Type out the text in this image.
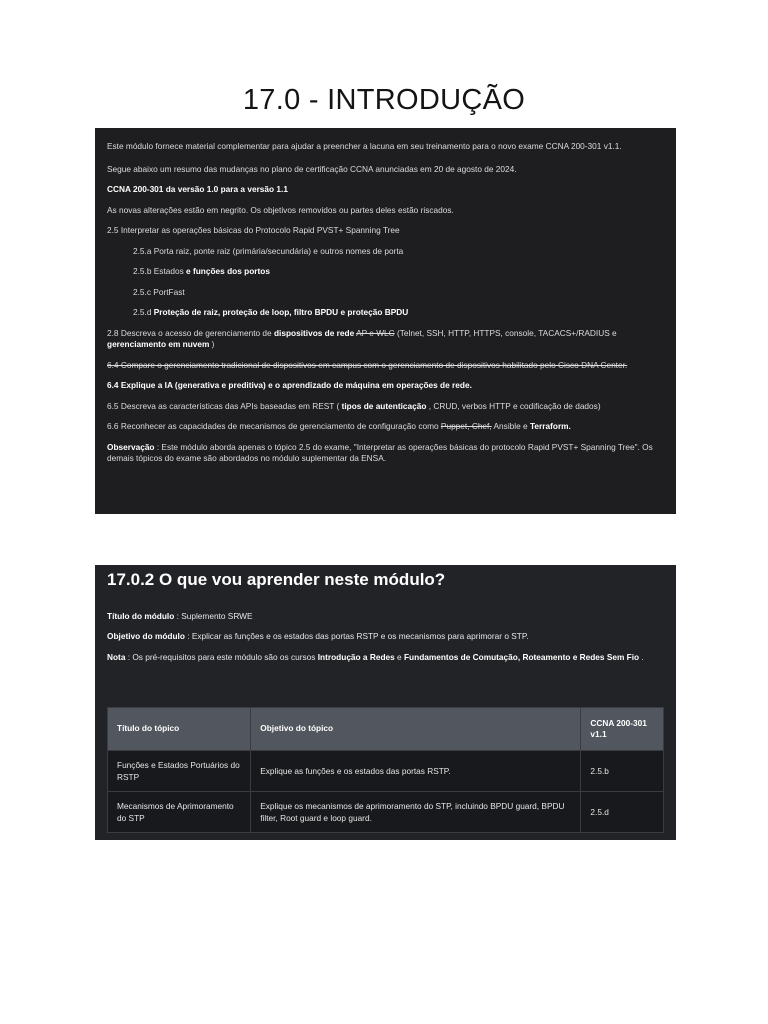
17.0 - INTRODUÇÃO

Este módulo fornece material complementar para ajudar a preencher a lacuna em seu treinamento para o novo exame CCNA 200-301 v1.1.

Segue abaixo um resumo das mudanças no plano de certificação CCNA anunciadas em 20 de agosto de 2024.

CCNA 200-301 da versão 1.0 para a versão 1.1

As novas alterações estão em negrito. Os objetivos removidos ou partes deles estão riscados.

2.5 Interpretar as operações básicas do Protocolo Rapid PVST+ Spanning Tree

2.5.a Porta raiz, ponte raiz (primária/secundária) e outros nomes de porta

2.5.b Estados e funções dos portos

2.5.c PortFast

2.5.d Proteção de raiz, proteção de loop, filtro BPDU e proteção BPDU

2.8 Descreva o acesso de gerenciamento de dispositivos de rede AP e WLC (Telnet, SSH, HTTP, HTTPS, console, TACACS+/RADIUS e gerenciamento em nuvem )

6.4 Compare o gerenciamento tradicional de dispositivos em campus com o gerenciamento de dispositivos habilitado pelo Cisco DNA Center.

6.4 Explique a IA (generativa e preditiva) e o aprendizado de máquina em operações de rede.

6.5 Descreva as características das APIs baseadas em REST ( tipos de autenticação , CRUD, verbos HTTP e codificação de dados)

6.6 Reconhecer as capacidades de mecanismos de gerenciamento de configuração como Puppet, Chef, Ansible e Terraform.

Observação : Este módulo aborda apenas o tópico 2.5 do exame, "Interpretar as operações básicas do protocolo Rapid PVST+ Spanning Tree". Os demais tópicos do exame são abordados no módulo suplementar da ENSA.

17.0.2 O que vou aprender neste módulo?

Título do módulo : Suplemento SRWE

Objetivo do módulo : Explicar as funções e os estados das portas RSTP e os mecanismos para aprimorar o STP.

Nota : Os pré-requisitos para este módulo são os cursos Introdução a Redes e Fundamentos de Comutação, Roteamento e Redes Sem Fio .

Título do tópico	Objetivo do tópico	CCNA 200-301 v1.1
Funções e Estados Portuários do RSTP	Explique as funções e os estados das portas RSTP.	2.5.b
Mecanismos de Aprimoramento do STP	Explique os mecanismos de aprimoramento do STP, incluindo BPDU guard, BPDU filter, Root guard e loop guard.	2.5.d
